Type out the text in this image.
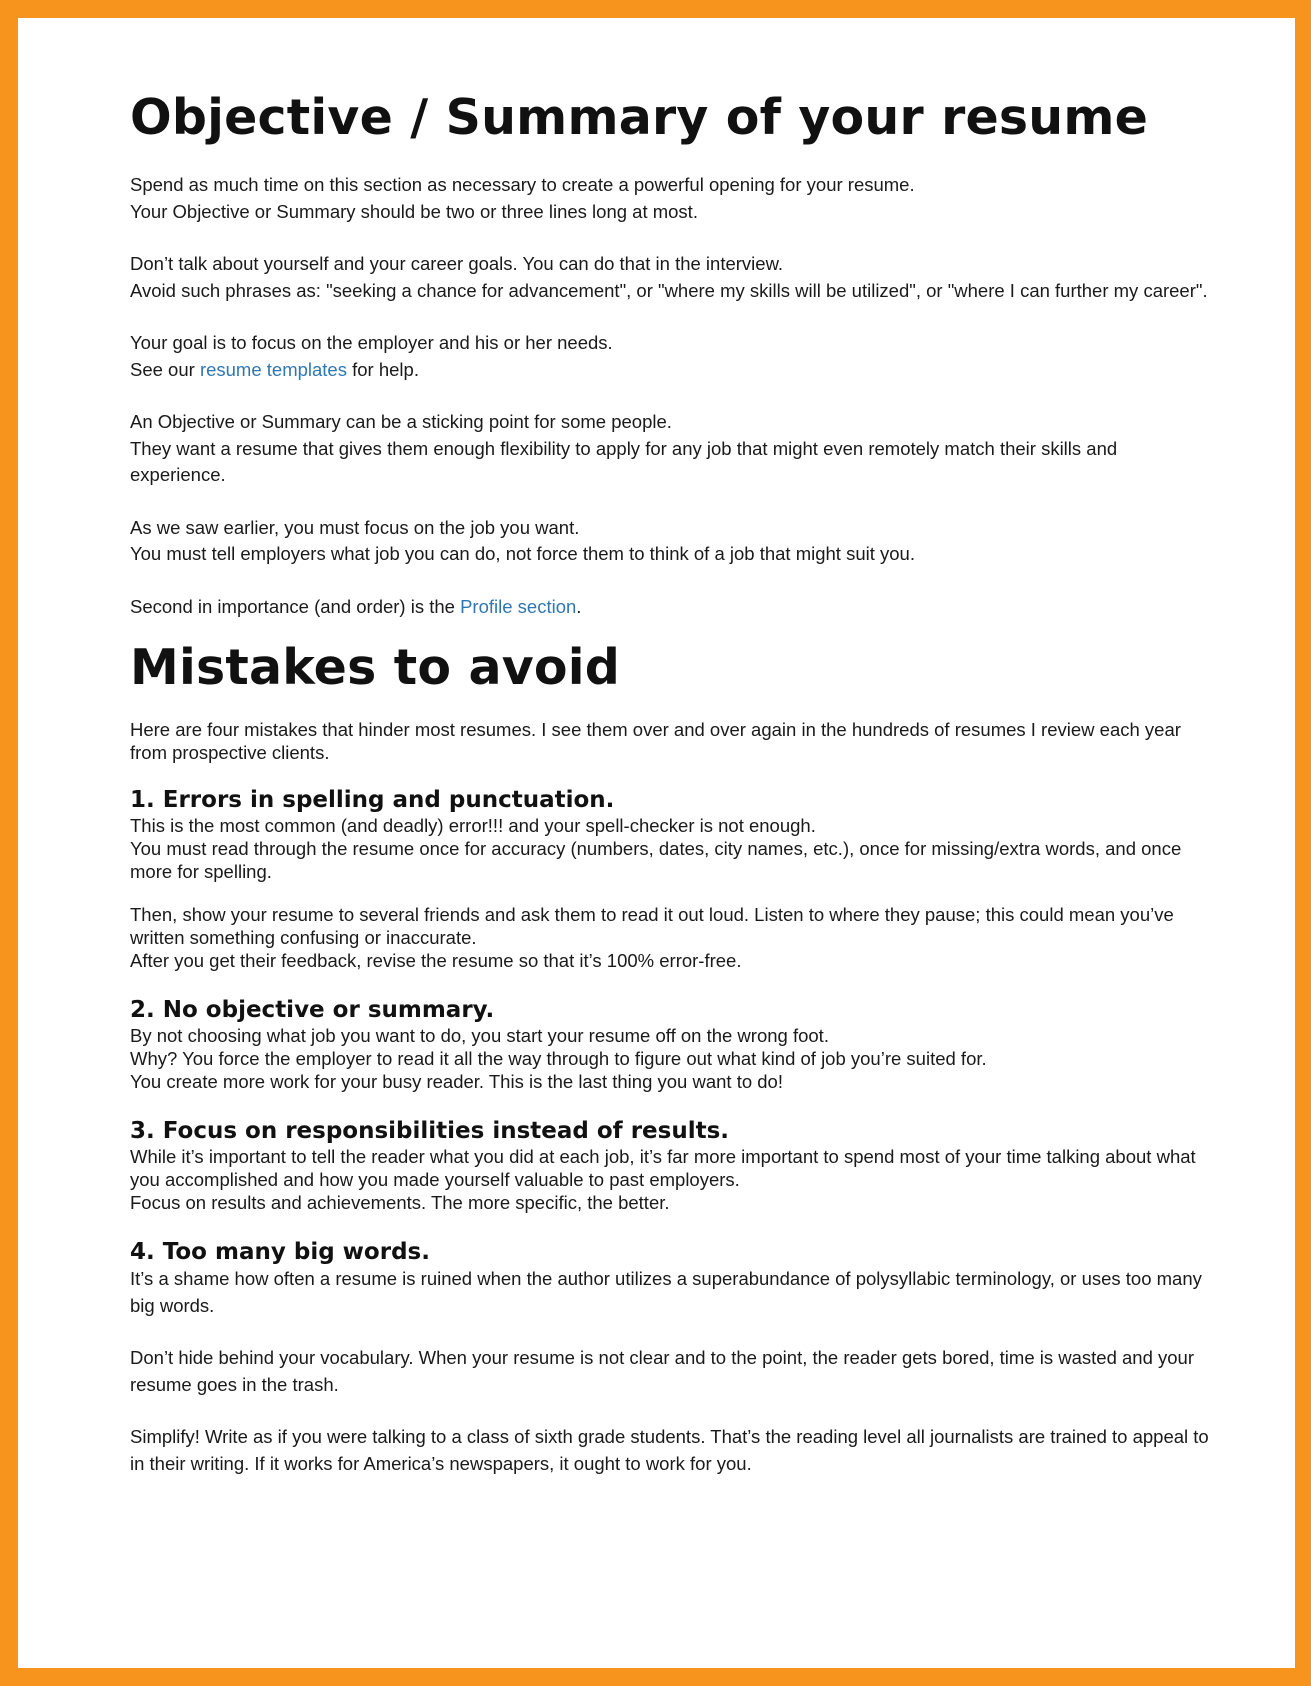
Objective / Summary of your resume

Spend as much time on this section as necessary to create a powerful opening for your resume.

Your Objective or Summary should be two or three lines long at most.

Don’t talk about yourself and your career goals. You can do that in the interview.

Avoid such phrases as: "seeking a chance for advancement", or "where my skills will be utilized", or "where I can further my career".

Your goal is to focus on the employer and his or her needs.

See our resume templates for help.

An Objective or Summary can be a sticking point for some people.

They want a resume that gives them enough flexibility to apply for any job that might even remotely match their skills and experience.

As we saw earlier, you must focus on the job you want.

You must tell employers what job you can do, not force them to think of a job that might suit you.

Second in importance (and order) is the Profile section.

Mistakes to avoid

Here are four mistakes that hinder most resumes. I see them over and over again in the hundreds of resumes I review each year from prospective clients.

1. Errors in spelling and punctuation.

This is the most common (and deadly) error!!! and your spell-checker is not enough.

You must read through the resume once for accuracy (numbers, dates, city names, etc.), once for missing/extra words, and once more for spelling.

Then, show your resume to several friends and ask them to read it out loud. Listen to where they pause; this could mean you’ve written something confusing or inaccurate.

After you get their feedback, revise the resume so that it’s 100% error-free.

2. No objective or summary.

By not choosing what job you want to do, you start your resume off on the wrong foot.

Why? You force the employer to read it all the way through to figure out what kind of job you’re suited for.

You create more work for your busy reader. This is the last thing you want to do!

3. Focus on responsibilities instead of results.

While it’s important to tell the reader what you did at each job, it’s far more important to spend most of your time talking about what you accomplished and how you made yourself valuable to past employers.

Focus on results and achievements. The more specific, the better.

4. Too many big words.

It’s a shame how often a resume is ruined when the author utilizes a superabundance of polysyllabic terminology, or uses too many big words.

Don’t hide behind your vocabulary. When your resume is not clear and to the point, the reader gets bored, time is wasted and your resume goes in the trash.

Simplify! Write as if you were talking to a class of sixth grade students. That’s the reading level all journalists are trained to appeal to in their writing. If it works for America’s newspapers, it ought to work for you.
